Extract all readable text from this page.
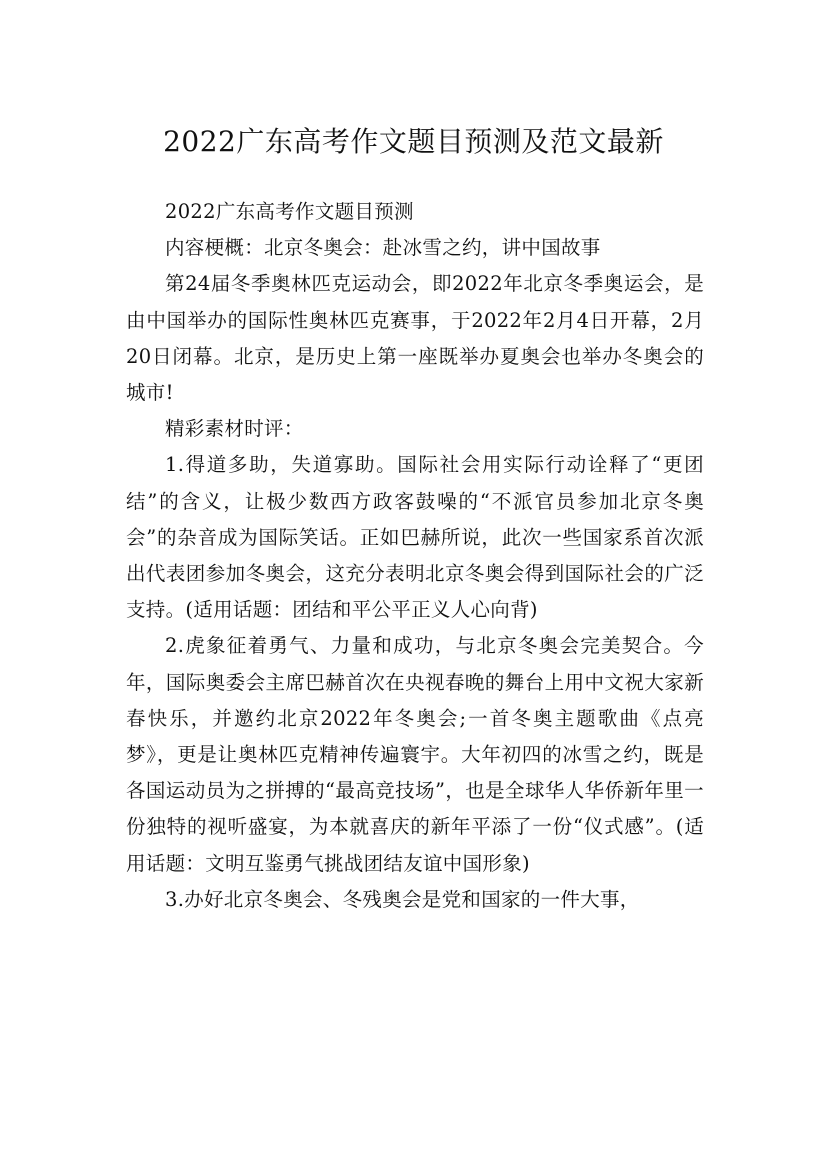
2022广东高考作文题目预测及范文最新

2022广东高考作文题目预测

内容梗概：北京冬奥会：赴冰雪之约，讲中国故事

第24届冬季奥林匹克运动会，即2022年北京冬季奥运会，是由中国举办的国际性奥林匹克赛事，于2022年2月4日开幕，2月20日闭幕。北京，是历史上第一座既举办夏奥会也举办冬奥会的城市!

精彩素材时评：

1.得道多助，失道寡助。国际社会用实际行动诠释了“更团结”的含义，让极少数西方政客鼓噪的“不派官员参加北京冬奥会”的杂音成为国际笑话。正如巴赫所说，此次一些国家系首次派出代表团参加冬奥会，这充分表明北京冬奥会得到国际社会的广泛支持。(适用话题：团结和平公平正义人心向背)

2.虎象征着勇气、力量和成功，与北京冬奥会完美契合。今年，国际奥委会主席巴赫首次在央视春晚的舞台上用中文祝大家新春快乐，并邀约北京2022年冬奥会;一首冬奥主题歌曲《点亮梦》，更是让奥林匹克精神传遍寰宇。大年初四的冰雪之约，既是各国运动员为之拼搏的“最高竞技场”，也是全球华人华侨新年里一份独特的视听盛宴，为本就喜庆的新年平添了一份“仪式感”。(适用话题：文明互鉴勇气挑战团结友谊中国形象)

3.办好北京冬奥会、冬残奥会是党和国家的一件大事，
